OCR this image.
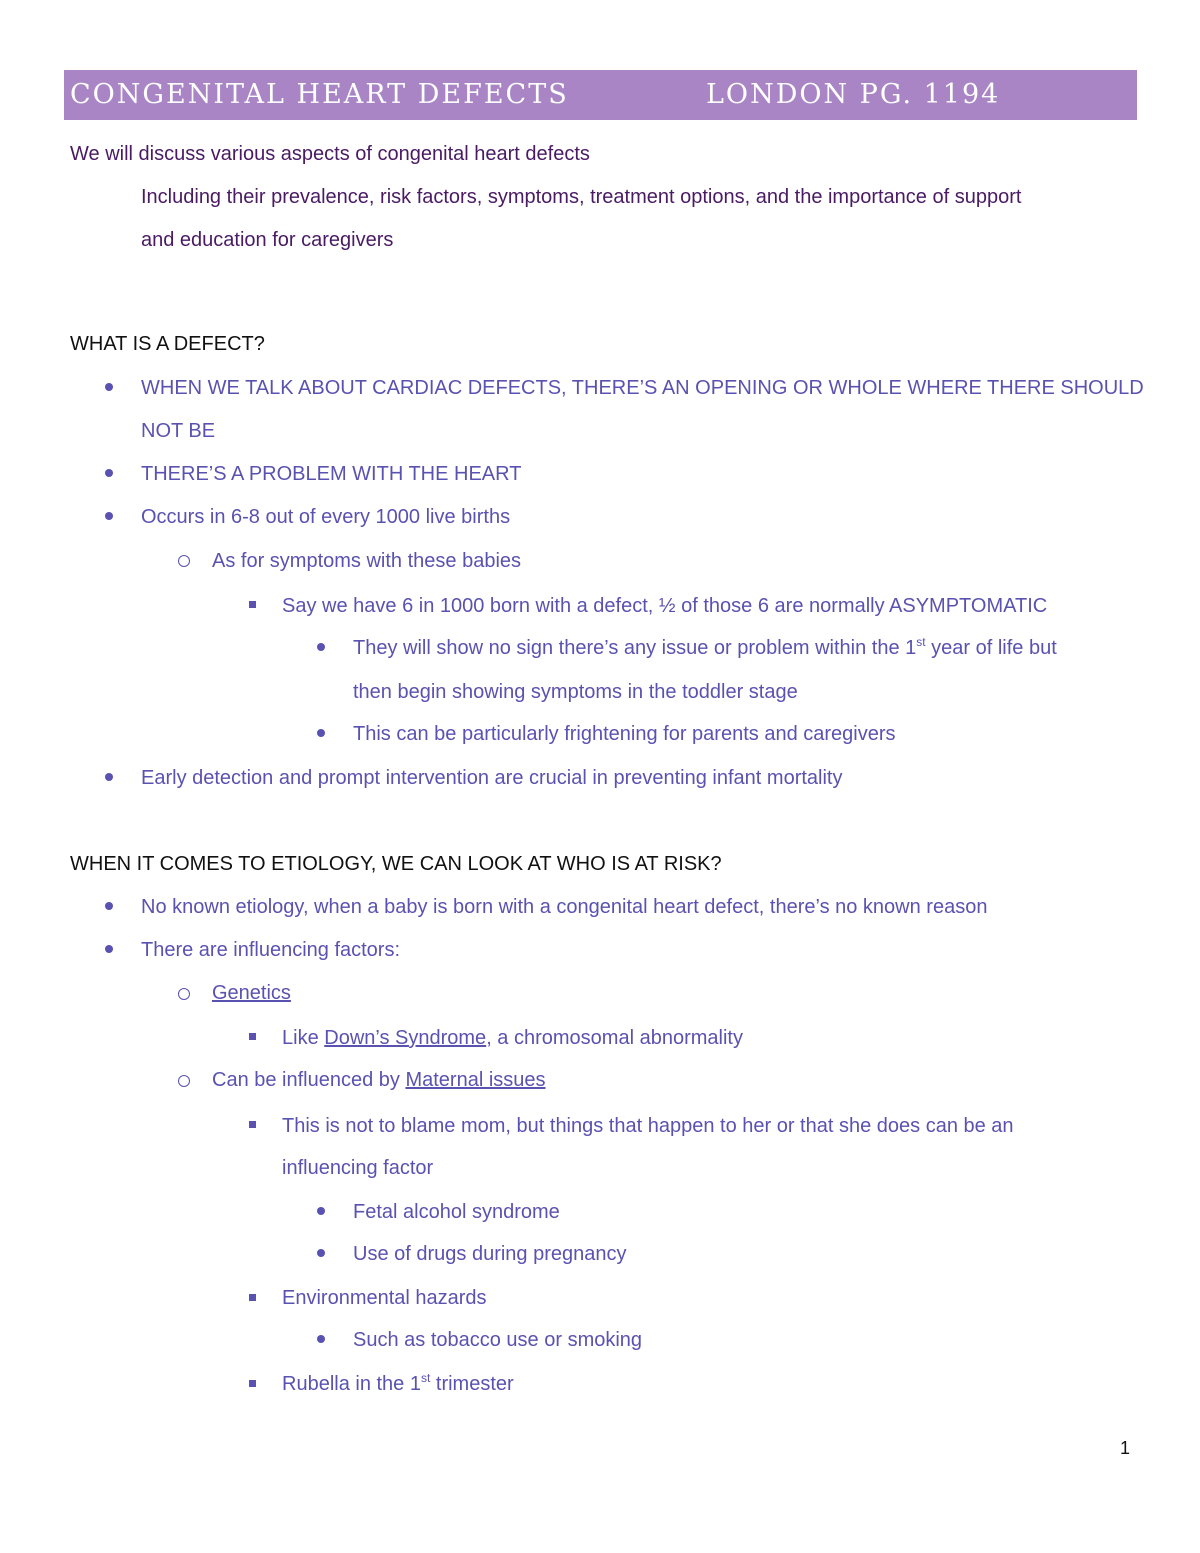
CONGENITAL HEART DEFECTS	LONDON PG. 1194

We will discuss various aspects of congenital heart defects

Including their prevalence, risk factors, symptoms, treatment options, and the importance of support

and education for caregivers

WHAT IS A DEFECT?

WHEN WE TALK ABOUT CARDIAC DEFECTS, THERE’S AN OPENING OR WHOLE WHERE THERE SHOULD

NOT BE

THERE’S A PROBLEM WITH THE HEART

Occurs in 6-8 out of every 1000 live births

As for symptoms with these babies

Say we have 6 in 1000 born with a defect, ½ of those 6 are normally ASYMPTOMATIC

They will show no sign there’s any issue or problem within the 1st year of life but

then begin showing symptoms in the toddler stage

This can be particularly frightening for parents and caregivers

Early detection and prompt intervention are crucial in preventing infant mortality

WHEN IT COMES TO ETIOLOGY, WE CAN LOOK AT WHO IS AT RISK?

No known etiology, when a baby is born with a congenital heart defect, there’s no known reason

There are influencing factors:

Genetics

Like Down’s Syndrome, a chromosomal abnormality

Can be influenced by Maternal issues

This is not to blame mom, but things that happen to her or that she does can be an

influencing factor

Fetal alcohol syndrome

Use of drugs during pregnancy

Environmental hazards

Such as tobacco use or smoking

Rubella in the 1st trimester

1
